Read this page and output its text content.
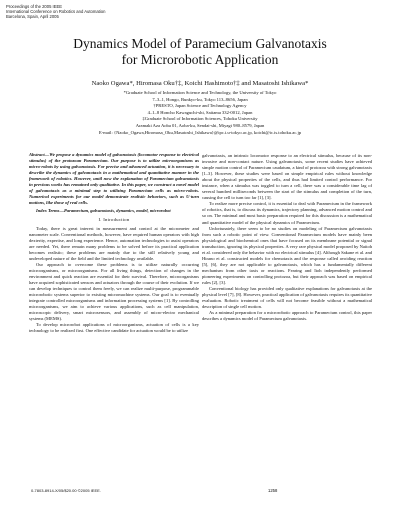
Proceedings of the 2005 IEEE
International Conference on Robotics and Automation
Barcelona, Spain, April 2005
Dynamics Model of Paramecium Galvanotaxis
for Microrobotic Application
Naoko Ogawa*, Hiromasa Oku†‡, Koichi Hashimoto†‡ and Masatoshi Ishikawa*
*Graduate School of Information Science and Technology, the University of Tokyo
7–3–1, Hongo, Bunkyo-ku, Tokyo 113–8656, Japan
†PRESTO, Japan Science and Technology Agency
4–1–8 Honcho Kawaguchi-shi, Saitama 332-0012, Japan
‡Graduate School of Information Sciences, Tohoku University
Aramaki Aza Aoba 01, Aoba-ku, Sendai-shi, Miyagi 980–8579, Japan
E-mail: {Naoko_Ogawa,Hiromasa_Oku,Masatoshi_Ishikawa}@ipc.i.u-tokyo.ac.jp, koichi@ic.is.tohoku.ac.jp

Abstract—We propose a dynamics model of galvanotaxis (locomotor response to electrical stimulus) of the protozoan Paramecium. Our purpose is to utilize microorganisms as micro-robots by using galvanotaxis. For precise and advanced actuation, it is necessary to describe the dynamics of galvanotaxis in a mathematical and quantitative manner in the framework of robotics. However, until now the explanation of Paramecium galvanotaxis in previous works has remained only qualitative. In this paper, we construct a novel model of galvanotaxis as a minimal step to utilizing Paramecium cells as micro-robots. Numerical experiments for our model demonstrate realistic behaviors, such as U-turn motions, like those of real cells.

Index Terms—Paramecium, galvanotaxis, dynamics, model, microrobot

I. Introduction

Today, there is great interest in measurement and control at the micrometer and nanometer scale. Conventional methods, however, have required human operators with high dexterity, expertise, and long experience. Hence, automation technologies to assist operators are needed. Yet, there remain many problems to be solved before its practical application becomes realistic; these problems are mainly due to the still relatively young and undeveloped nature of the field and the limited technology available.

Our approach to overcome these problems is to utilize naturally occurring microorganisms, or microorganisms. For all living things, detection of changes in the environment and quick reaction are essential for their survival. Therefore, microorganisms have acquired sophisticated sensors and actuators through the course of their evolution. If we can develop techniques to control them freely, we can realize multi-purpose, programmable microrobotic systems superior to existing micromachine systems. Our goal is to eventually integrate controlled microorganisms and information processing systems [1]. By controlling microorganisms, we aim to achieve various applications, such as cell manipulation, microscopic delivery, smart microsensors, and assembly of micro-electro mechanical systems (MEMS).

To develop microrobot applications of microorganisms, actuation of cells is a key technology to be realized first. One effective candidate for actuation would be to utilize

galvanotaxis, an intrinsic locomotor response to an electrical stimulus, because of its non-invasive and non-contact nature. Using galvanotaxis, some recent studies have achieved simple motion control of Paramecium caudatum, a kind of protozoa with strong galvanotaxis [1–3]. However, these studies were based on simple empirical rules without knowledge about the physical properties of the cells, and thus had limited control performance. For instance, when a stimulus was toggled to turn a cell, there was a considerable time lag of several hundred milliseconds between the start of the stimulus and completion of the turn, causing the cell to turn too far [1], [3].

To realize more precise control, it is essential to deal with Paramecium in the framework of robotics, that is, to discuss its dynamics, trajectory planning, advanced motion control and so on. The minimal and most basic preparation required for this discussion is a mathematical and quantitative model of the physical dynamics of Paramecium.

Unfortunately, there seem to be no studies on modeling of Paramecium galvanotaxis from such a robotic point of view. Conventional Paramecium models have mainly been physiological and biochemical ones that have focused on its membrane potential or signal transduction, ignoring its physical properties. A very rare physical model proposed by Naitoh et al. considered only the behavior with no electrical stimulus [4]. Although Sakane et al. and Hirano et al. constructed models for chemotaxis and the response called avoiding reaction [5], [6], they are not applicable to galvanotaxis, which has a fundamentally different mechanism from other taxis or reactions. Fearing and Itoh independently performed pioneering experiments on controlling protozoa, but their approach was based on empirical rules [2], [3].

Conventional biology has provided only qualitative explanations for galvanotaxis at the physical level [7], [8]. However, practical application of galvanotaxis requires its quantitative evaluation. Robotic treatment of cells will not become feasible without a mathematical description of single cell motion.

As a minimal preparation for a microrobotic approach to Paramecium control, this paper describes a dynamics model of Paramecium galvanotaxis.

0-7803-8914-X/05/$20.00 ©2005 IEEE.	1258
